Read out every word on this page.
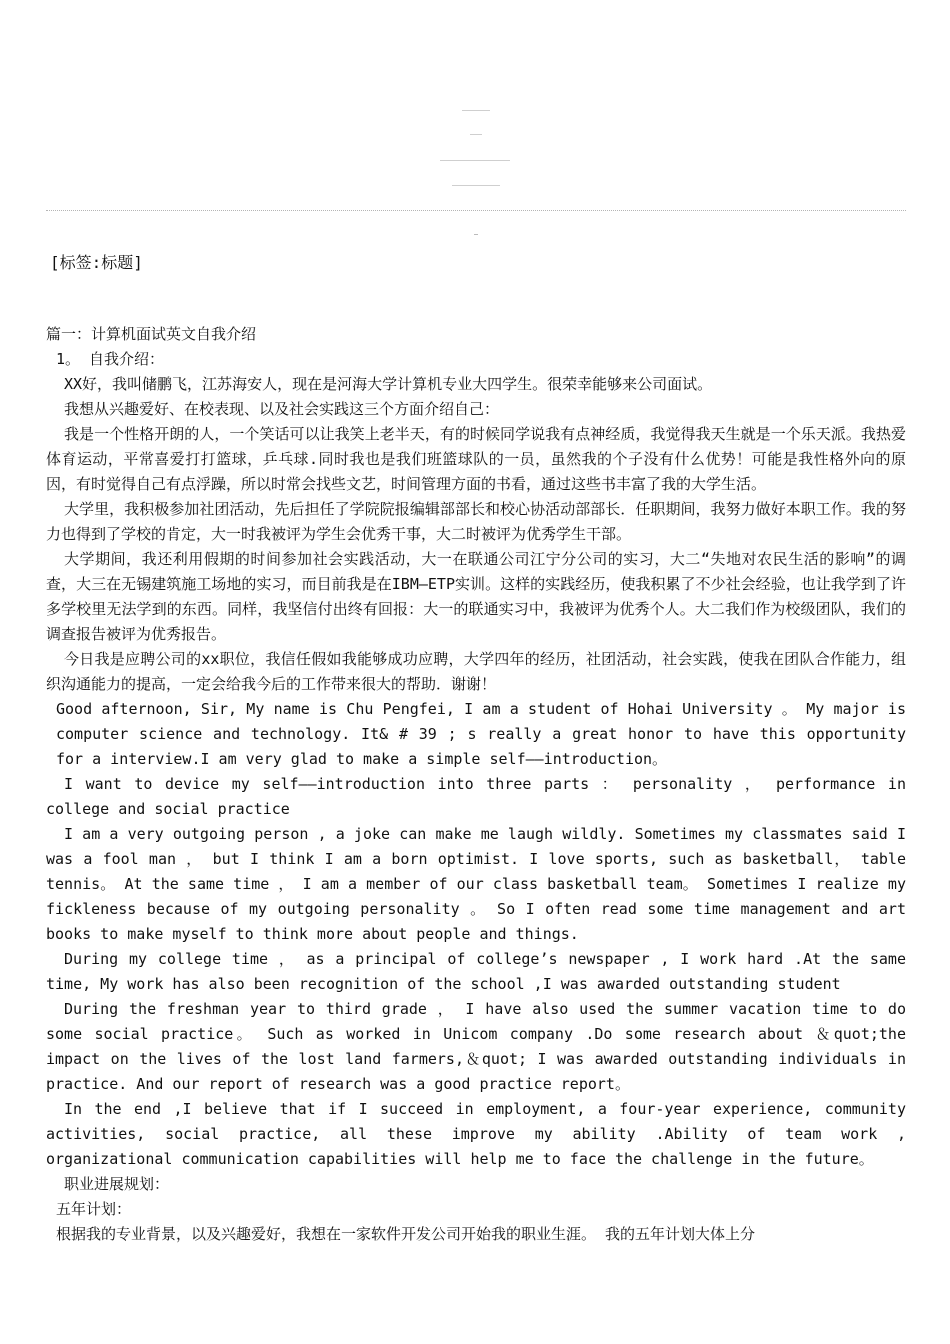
[标签:标题]

篇一：计算机面试英文自我介绍

1。 自我介绍：

XX好，我叫储鹏飞，江苏海安人，现在是河海大学计算机专业大四学生。很荣幸能够来公司面试。

我想从兴趣爱好、在校表现、以及社会实践这三个方面介绍自己：

我是一个性格开朗的人，一个笑话可以让我笑上老半天，有的时候同学说我有点神经质，我觉得我天生就是一个乐天派。我热爱体育运动，平常喜爱打打篮球，乒乓球.同时我也是我们班篮球队的一员，虽然我的个子没有什么优势！可能是我性格外向的原因，有时觉得自己有点浮躁，所以时常会找些文艺，时间管理方面的书看，通过这些书丰富了我的大学生活。

大学里，我积极参加社团活动，先后担任了学院院报编辑部部长和校心协活动部部长．任职期间，我努力做好本职工作。我的努力也得到了学校的肯定，大一时我被评为学生会优秀干事，大二时被评为优秀学生干部。

大学期间，我还利用假期的时间参加社会实践活动，大一在联通公司江宁分公司的实习，大二“失地对农民生活的影响”的调查，大三在无锡建筑施工场地的实习，而目前我是在IBM—ETP实训。这样的实践经历，使我积累了不少社会经验，也让我学到了许多学校里无法学到的东西。同样，我坚信付出终有回报：大一的联通实习中，我被评为优秀个人。大二我们作为校级团队，我们的调查报告被评为优秀报告。

今日我是应聘公司的xx职位，我信任假如我能够成功应聘，大学四年的经历，社团活动，社会实践，使我在团队合作能力，组织沟通能力的提高，一定会给我今后的工作带来很大的帮助．谢谢！

Good afternoon, Sir, My name is Chu Pengfei, I am a student of Hohai University 。 My major is computer science and technology. It& # 39 ; s really a great honor to have this opportunity for a interview.I am very glad to make a simple self——introduction。

I want to device my self——introduction into three parts ： personality ， performance in college and social practice

I am a very outgoing person , a joke can make me laugh wildly. Sometimes my classmates said I was a fool man ， but I think I am a born optimist. I love sports, such as basketball， table tennis。 At the same time ， I am a member of our class basketball team。 Sometimes I realize my fickleness because of my outgoing personality 。 So I often read some time management and art books to make myself to think more about people and things.

During my college time ， as a principal of college’s newspaper , I work hard .At the same time, My work has also been recognition of the school ,I was awarded outstanding student

During the freshman year to third grade ， I have also used the summer vacation time to do some social practice。 Such as worked in Unicom company .Do some research about ＆quot;the impact on the lives of the lost land farmers,＆quot; I was awarded outstanding individuals in practice. And our report of research was a good practice report。

In the end ,I believe that if I succeed in employment, a four-year experience, community activities, social practice, all these improve my ability .Ability of team work , organizational communication capabilities will help me to face the challenge in the future。

职业进展规划：

五年计划：

根据我的专业背景，以及兴趣爱好，我想在一家软件开发公司开始我的职业生涯。 我的五年计划大体上分
